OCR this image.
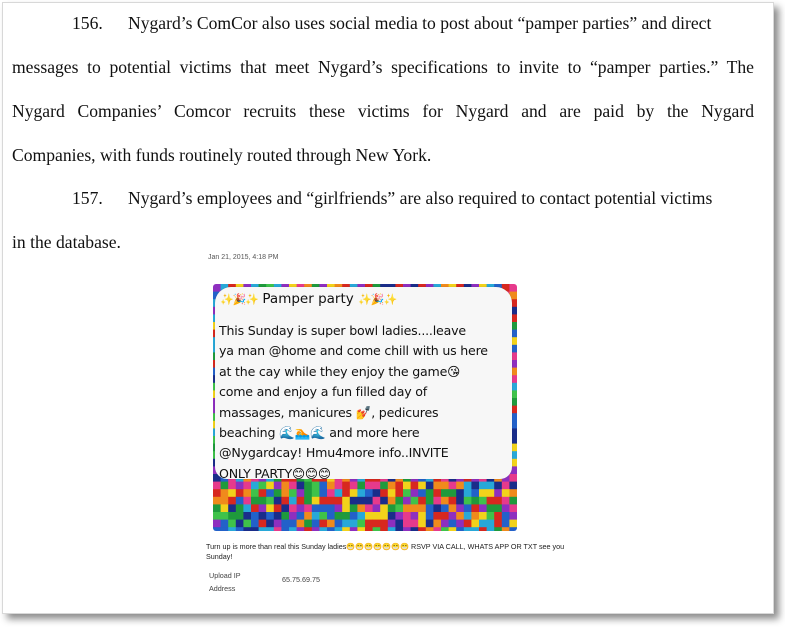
156. Nygard’s ComCor also uses social media to post about “pamper parties” and direct
messages to potential victims that meet Nygard’s specifications to invite to “pamper parties.” The
Nygard Companies’ Comcor recruits these victims for Nygard and are paid by the Nygard
Companies, with funds routinely routed through New York.
157. Nygard’s employees and “girlfriends” are also required to contact potential victims
in the database.
Jan 21, 2015, 4:18 PM
✨🎉✨ Pamper party ✨🎉✨
This Sunday is super bowl ladies....leave
ya man @home and come chill with us here
at the cay while they enjoy the game😘
come and enjoy a fun filled day of
massages, manicures 💅, pedicures
beaching 🌊🏊🌊 and more here
@Nygardcay! Hmu4more info..INVITE
ONLY PARTY😊😊😊
Turn up is more than real this Sunday ladies😁😁😁😁😁😁😁 RSVP VIA CALL, WHATS APP OR TXT see you Sunday!
Upload IP Address
65.75.69.75
